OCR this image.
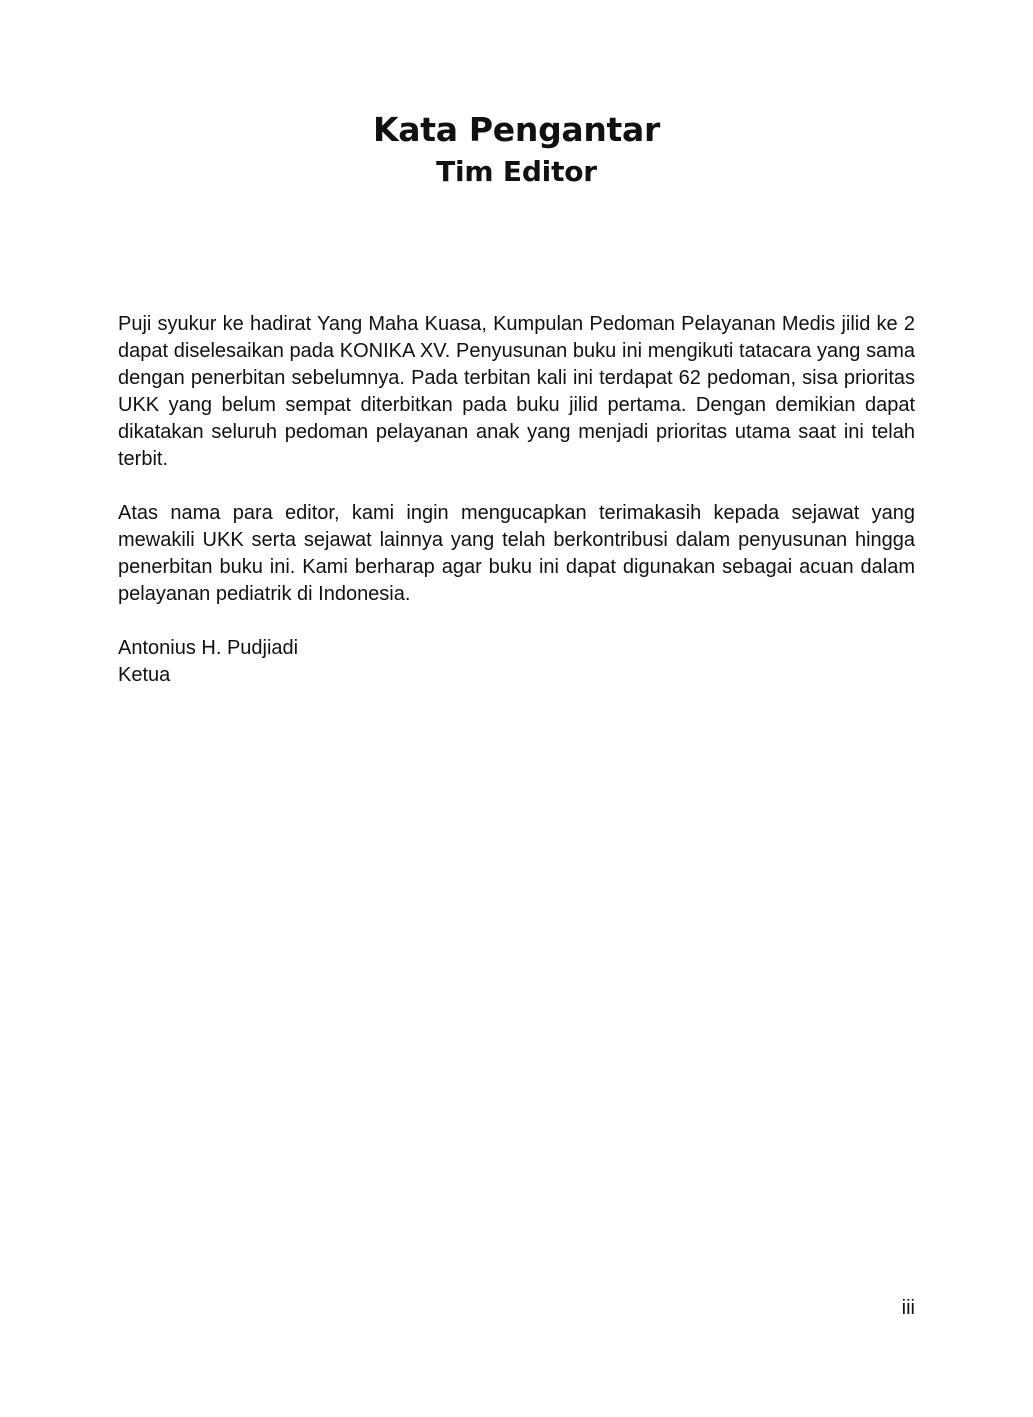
Kata Pengantar
Tim Editor

Puji syukur ke hadirat Yang Maha Kuasa, Kumpulan Pedoman Pelayanan Medis jilid ke 2 dapat diselesaikan pada KONIKA XV. Penyusunan buku ini mengikuti tatacara yang sama dengan penerbitan sebelumnya. Pada terbitan kali ini terdapat 62 pedoman, sisa prioritas UKK yang belum sempat diterbitkan pada buku jilid pertama. Dengan demikian dapat dikatakan seluruh pedoman pelayanan anak yang menjadi prioritas utama saat ini telah terbit.

Atas nama para editor, kami ingin mengucapkan terimakasih kepada sejawat yang mewakili UKK serta sejawat lainnya yang telah berkontribusi dalam penyusunan hingga penerbitan buku ini. Kami berharap agar buku ini dapat digunakan sebagai acuan dalam pelayanan pediatrik di Indonesia.

Antonius H. Pudjiadi
Ketua
iii
